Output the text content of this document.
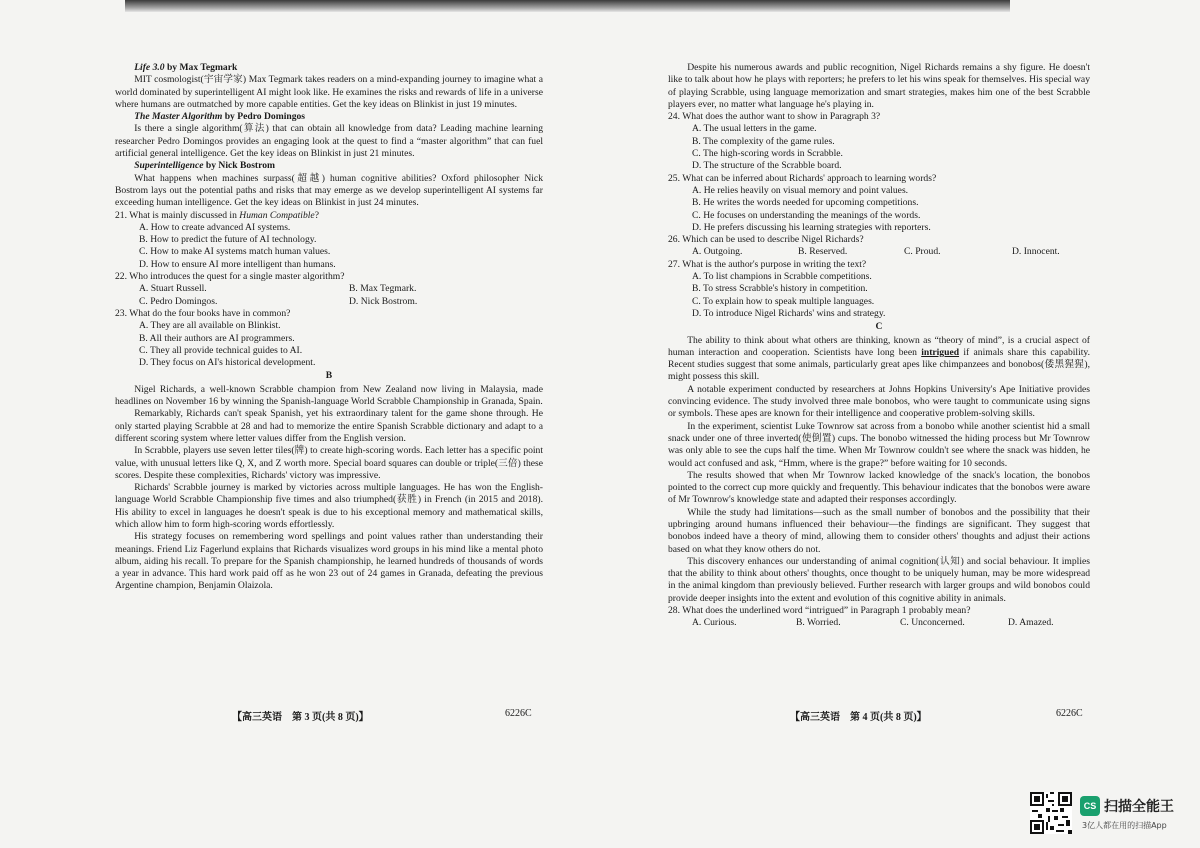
Life 3.0 by Max Tegmark

MIT cosmologist(宇宙学家) Max Tegmark takes readers on a mind-expanding journey to imagine what a world dominated by superintelligent AI might look like. He examines the risks and rewards of life in a universe where humans are outmatched by more capable entities. Get the key ideas on Blinkist in just 19 minutes.

The Master Algorithm by Pedro Domingos

Is there a single algorithm(算法) that can obtain all knowledge from data? Leading machine learning researcher Pedro Domingos provides an engaging look at the quest to find a “master algorithm” that can fuel artificial general intelligence. Get the key ideas on Blinkist in just 21 minutes.

Superintelligence by Nick Bostrom

What happens when machines surpass(超越) human cognitive abilities? Oxford philosopher Nick Bostrom lays out the potential paths and risks that may emerge as we develop superintelligent AI systems far exceeding human intelligence. Get the key ideas on Blinkist in just 24 minutes.

21. What is mainly discussed in Human Compatible?

A. How to create advanced AI systems.

B. How to predict the future of AI technology.

C. How to make AI systems match human values.

D. How to ensure AI more intelligent than humans.

22. Who introduces the quest for a single master algorithm?

A. Stuart Russell.	B. Max Tegmark.
C. Pedro Domingos.	D. Nick Bostrom.

23. What do the four books have in common?

A. They are all available on Blinkist.

B. All their authors are AI programmers.

C. They all provide technical guides to AI.

D. They focus on AI's historical development.

B

Nigel Richards, a well-known Scrabble champion from New Zealand now living in Malaysia, made headlines on November 16 by winning the Spanish-language World Scrabble Championship in Granada, Spain.

Remarkably, Richards can't speak Spanish, yet his extraordinary talent for the game shone through. He only started playing Scrabble at 28 and had to memorize the entire Spanish Scrabble dictionary and adapt to a different scoring system where letter values differ from the English version.

In Scrabble, players use seven letter tiles(牌) to create high-scoring words. Each letter has a specific point value, with unusual letters like Q, X, and Z worth more. Special board squares can double or triple(三倍) these scores. Despite these complexities, Richards' victory was impressive.

Richards' Scrabble journey is marked by victories across multiple languages. He has won the English-language World Scrabble Championship five times and also triumphed(获胜) in French (in 2015 and 2018). His ability to excel in languages he doesn't speak is due to his exceptional memory and mathematical skills, which allow him to form high-scoring words effortlessly.

His strategy focuses on remembering word spellings and point values rather than understanding their meanings. Friend Liz Fagerlund explains that Richards visualizes word groups in his mind like a mental photo album, aiding his recall. To prepare for the Spanish championship, he learned hundreds of thousands of words a year in advance. This hard work paid off as he won 23 out of 24 games in Granada, defeating the previous Argentine champion, Benjamin Olaizola.

【高三英语　第 3 页(共 8 页)】	6226C

Despite his numerous awards and public recognition, Nigel Richards remains a shy figure. He doesn't like to talk about how he plays with reporters; he prefers to let his wins speak for themselves. His special way of playing Scrabble, using language memorization and smart strategies, makes him one of the best Scrabble players ever, no matter what language he's playing in.

24. What does the author want to show in Paragraph 3?

A. The usual letters in the game.

B. The complexity of the game rules.

C. The high-scoring words in Scrabble.

D. The structure of the Scrabble board.

25. What can be inferred about Richards' approach to learning words?

A. He relies heavily on visual memory and point values.

B. He writes the words needed for upcoming competitions.

C. He focuses on understanding the meanings of the words.

D. He prefers discussing his learning strategies with reporters.

26. Which can be used to describe Nigel Richards?

A. Outgoing.	B. Reserved.	C. Proud.	D. Innocent.

27. What is the author's purpose in writing the text?

A. To list champions in Scrabble competitions.

B. To stress Scrabble's history in competition.

C. To explain how to speak multiple languages.

D. To introduce Nigel Richards' wins and strategy.

C

The ability to think about what others are thinking, known as “theory of mind”, is a crucial aspect of human interaction and cooperation. Scientists have long been intrigued if animals share this capability. Recent studies suggest that some animals, particularly great apes like chimpanzees and bonobos(倭黑猩猩), might possess this skill.

A notable experiment conducted by researchers at Johns Hopkins University's Ape Initiative provides convincing evidence. The study involved three male bonobos, who were taught to communicate using signs or symbols. These apes are known for their intelligence and cooperative problem-solving skills.

In the experiment, scientist Luke Townrow sat across from a bonobo while another scientist hid a small snack under one of three inverted(使倒置) cups. The bonobo witnessed the hiding process but Mr Townrow was only able to see the cups half the time. When Mr Townrow couldn't see where the snack was hidden, he would act confused and ask, “Hmm, where is the grape?” before waiting for 10 seconds.

The results showed that when Mr Townrow lacked knowledge of the snack's location, the bonobos pointed to the correct cup more quickly and frequently. This behaviour indicates that the bonobos were aware of Mr Townrow's knowledge state and adapted their responses accordingly.

While the study had limitations—such as the small number of bonobos and the possibility that their upbringing around humans influenced their behaviour—the findings are significant. They suggest that bonobos indeed have a theory of mind, allowing them to consider others' thoughts and adjust their actions based on what they know others do not.

This discovery enhances our understanding of animal cognition(认知) and social behaviour. It implies that the ability to think about others' thoughts, once thought to be uniquely human, may be more widespread in the animal kingdom than previously believed. Further research with larger groups and wild bonobos could provide deeper insights into the extent and evolution of this cognitive ability in animals.

28. What does the underlined word “intrigued” in Paragraph 1 probably mean?

A. Curious.	B. Worried.	C. Unconcerned.	D. Amazed.
【高三英语　第 4 页(共 8 页)】	6226C
CS 扫描全能王
3亿人都在用的扫描App
